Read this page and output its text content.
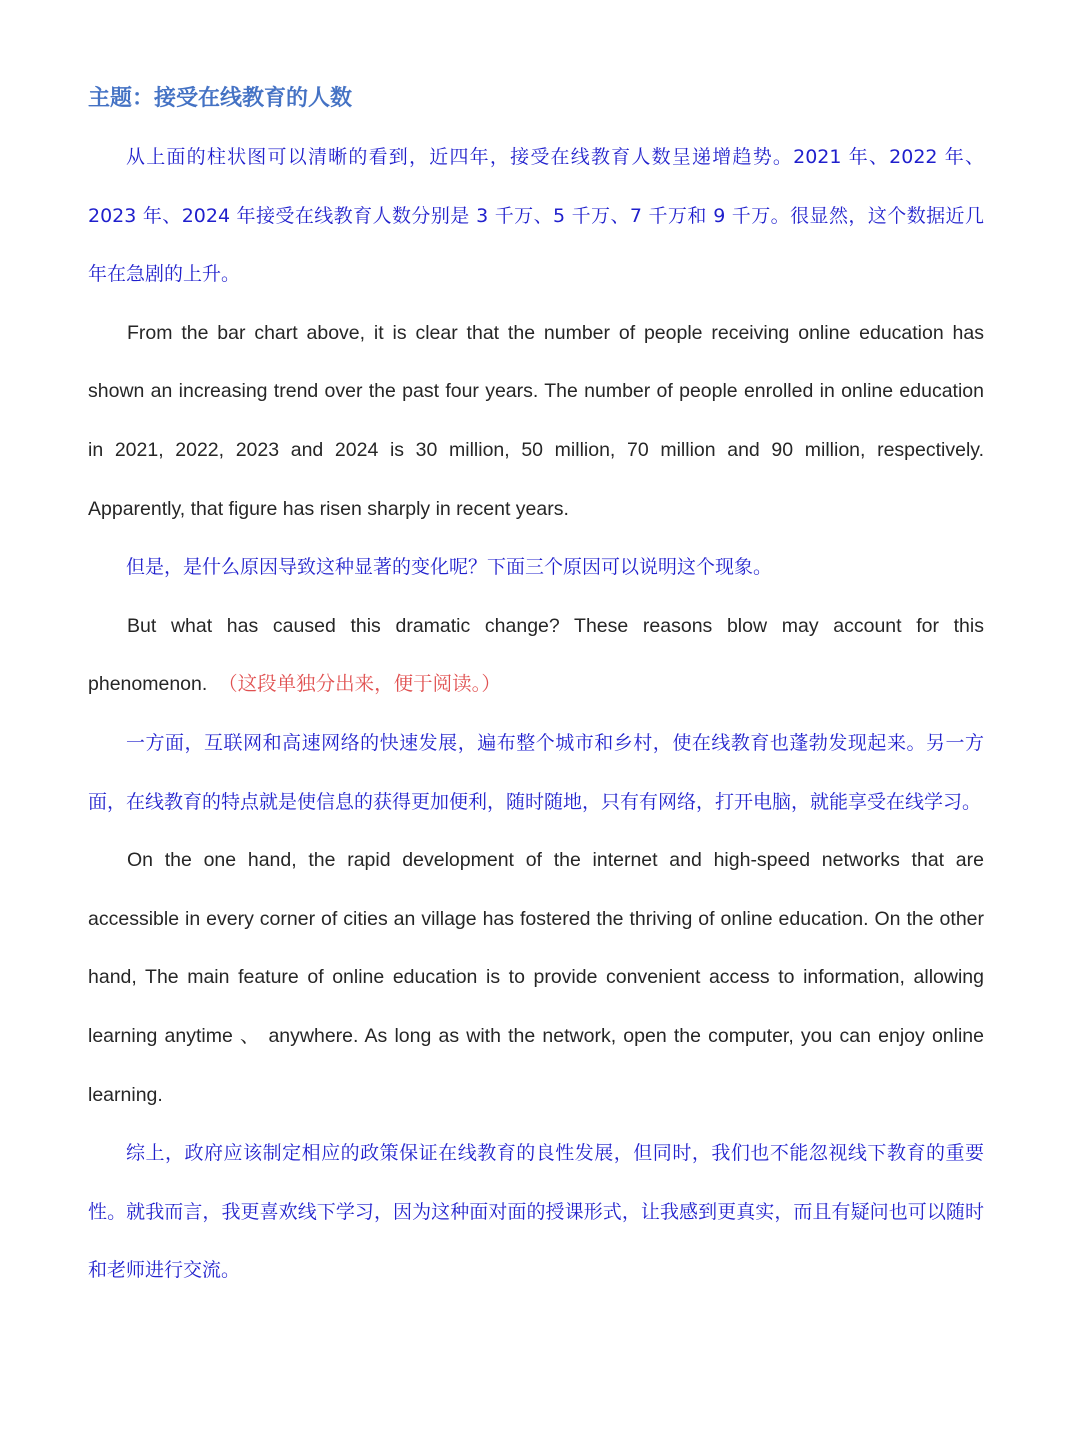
主题：接受在线教育的人数

从上面的柱状图可以清晰的看到，近四年，接受在线教育人数呈递增趋势。2021 年、2022 年、2023 年、2024 年接受在线教育人数分别是 3 千万、5 千万、7 千万和 9 千万。很显然，这个数据近几年在急剧的上升。

From the bar chart above, it is clear that the number of people receiving online education has shown an increasing trend over the past four years. The number of people enrolled in online education in 2021, 2022, 2023 and 2024 is 30 million, 50 million, 70 million and 90 million, respectively. Apparently, that figure has risen sharply in recent years.

但是，是什么原因导致这种显著的变化呢？下面三个原因可以说明这个现象。

But what has caused this dramatic change? These reasons blow may account for this phenomenon. （这段单独分出来，便于阅读。）

一方面，互联网和高速网络的快速发展，遍布整个城市和乡村，使在线教育也蓬勃发现起来。另一方面，在线教育的特点就是使信息的获得更加便利，随时随地，只有有网络，打开电脑，就能享受在线学习。

On the one hand, the rapid development of the internet and high-speed networks that are accessible in every corner of cities an village has fostered the thriving of online education. On the other hand, The main feature of online education is to provide convenient access to information, allowing learning anytime 、 anywhere. As long as with the network, open the computer, you can enjoy online learning.

综上，政府应该制定相应的政策保证在线教育的良性发展，但同时，我们也不能忽视线下教育的重要性。就我而言，我更喜欢线下学习，因为这种面对面的授课形式，让我感到更真实，而且有疑问也可以随时和老师进行交流。
